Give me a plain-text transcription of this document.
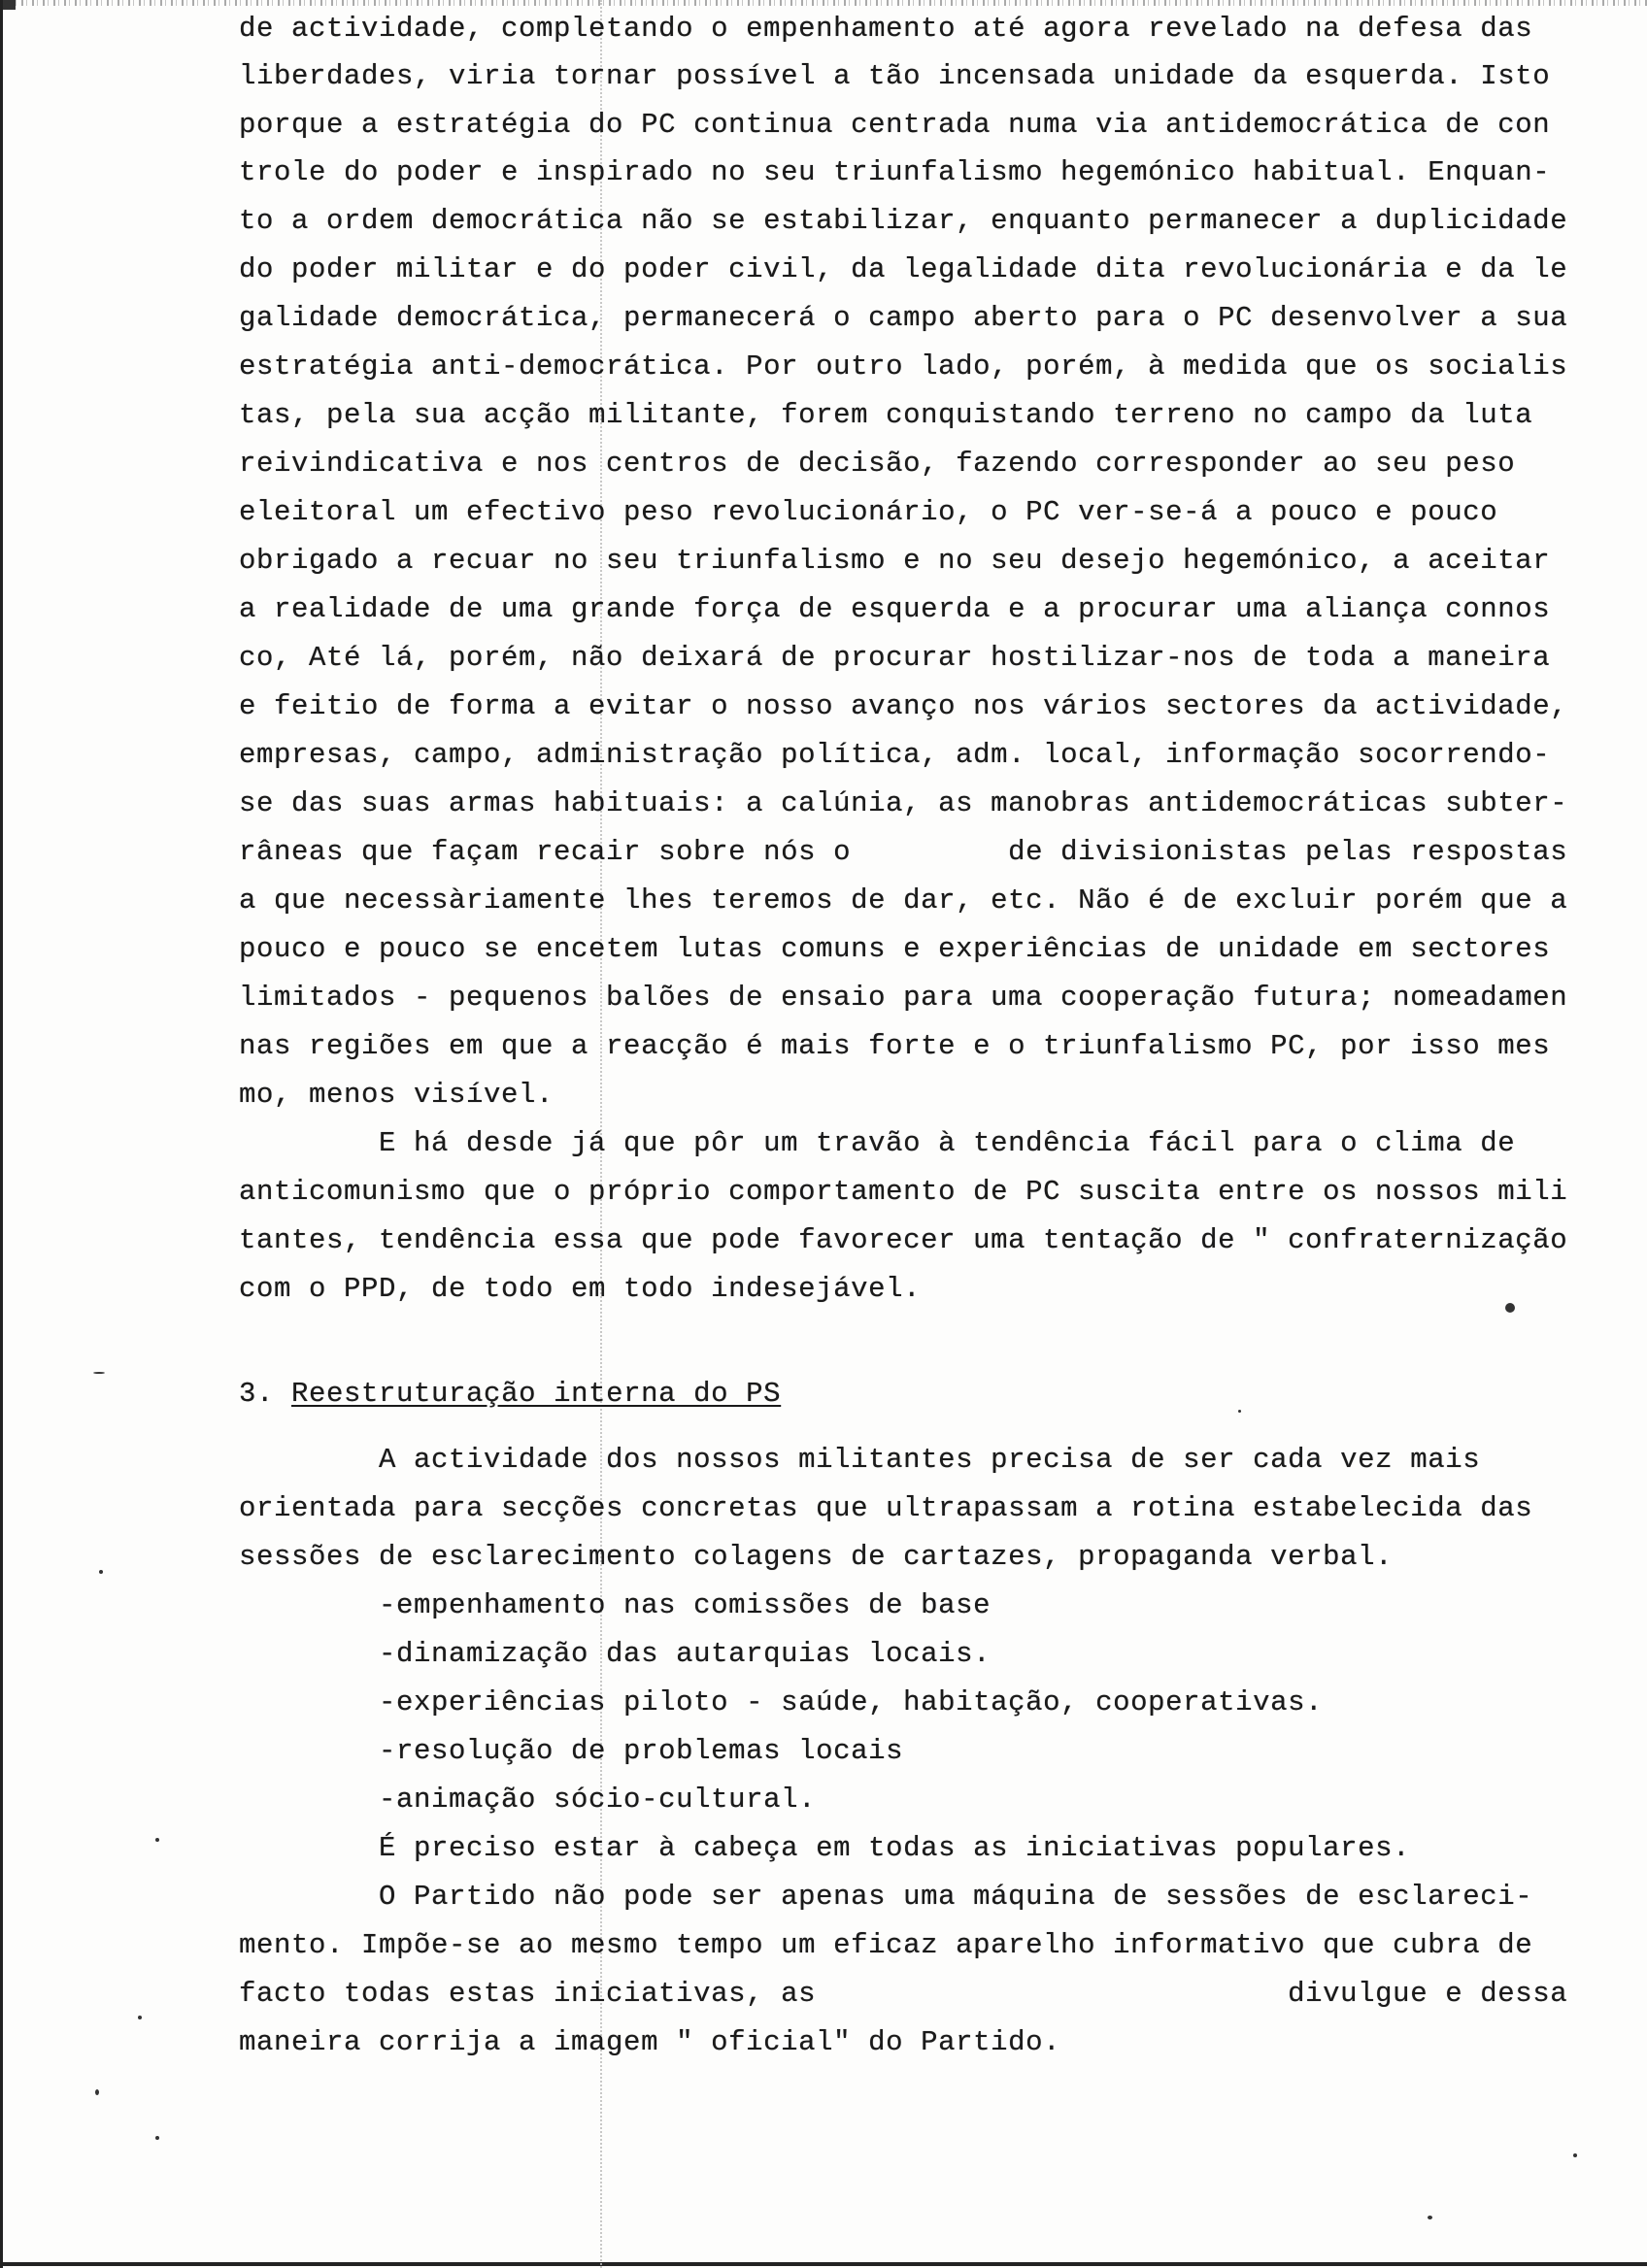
de actividade, completando o empenhamento até agora revelado na defesa das

liberdades, viria tornar possível a tão incensada unidade da esquerda. Isto

porque a estratégia do PC continua centrada numa via antidemocrática de con

trole do poder e inspirado no seu triunfalismo hegemónico habitual. Enquan-

to a ordem democrática não se estabilizar, enquanto permanecer a duplicidade

do poder militar e do poder civil, da legalidade dita revolucionária e da le

galidade democrática, permanecerá o campo aberto para o PC desenvolver a sua

estratégia anti-democrática. Por outro lado, porém, à medida que os socialis

tas, pela sua acção militante, forem conquistando terreno no campo da luta

reivindicativa e nos centros de decisão, fazendo corresponder ao seu peso

eleitoral um efectivo peso revolucionário, o PC ver-se-á a pouco e pouco

obrigado a recuar no seu triunfalismo e no seu desejo hegemónico, a aceitar

a realidade de uma grande força de esquerda e a procurar uma aliança connos

co, Até lá, porém, não deixará de procurar hostilizar-nos de toda a maneira

e feitio de forma a evitar o nosso avanço nos vários sectores da actividade,

empresas, campo, administração política, adm. local, informação socorrendo-

se das suas armas habituais: a calúnia, as manobras antidemocráticas subter-

râneas que façam recair sobre nós o         de divisionistas pelas respostas

a que necessàriamente lhes teremos de dar, etc. Não é de excluir porém que a

pouco e pouco se encetem lutas comuns e experiências de unidade em sectores

limitados - pequenos balões de ensaio para uma cooperação futura; nomeadamen

nas regiões em que a reacção é mais forte e o triunfalismo PC, por isso mes

mo, menos visível.

E há desde já que pôr um travão à tendência fácil para o clima de

anticomunismo que o próprio comportamento de PC suscita entre os nossos mili

tantes, tendência essa que pode favorecer uma tentação de " confraternização

com o PPD, de todo em todo indesejável.

3. Reestruturação interna do PS

A actividade dos nossos militantes precisa de ser cada vez mais

orientada para secções concretas que ultrapassam a rotina estabelecida das

sessões de esclarecimento colagens de cartazes, propaganda verbal.

-empenhamento nas comissões de base

-dinamização das autarquias locais.

-experiências piloto - saúde, habitação, cooperativas.

-resolução de problemas locais

-animação sócio-cultural.

É preciso estar à cabeça em todas as iniciativas populares.

O Partido não pode ser apenas uma máquina de sessões de esclareci-

mento. Impõe-se ao mesmo tempo um eficaz aparelho informativo que cubra de

facto todas estas iniciativas, as                           divulgue e dessa

maneira corrija a imagem " oficial" do Partido.
